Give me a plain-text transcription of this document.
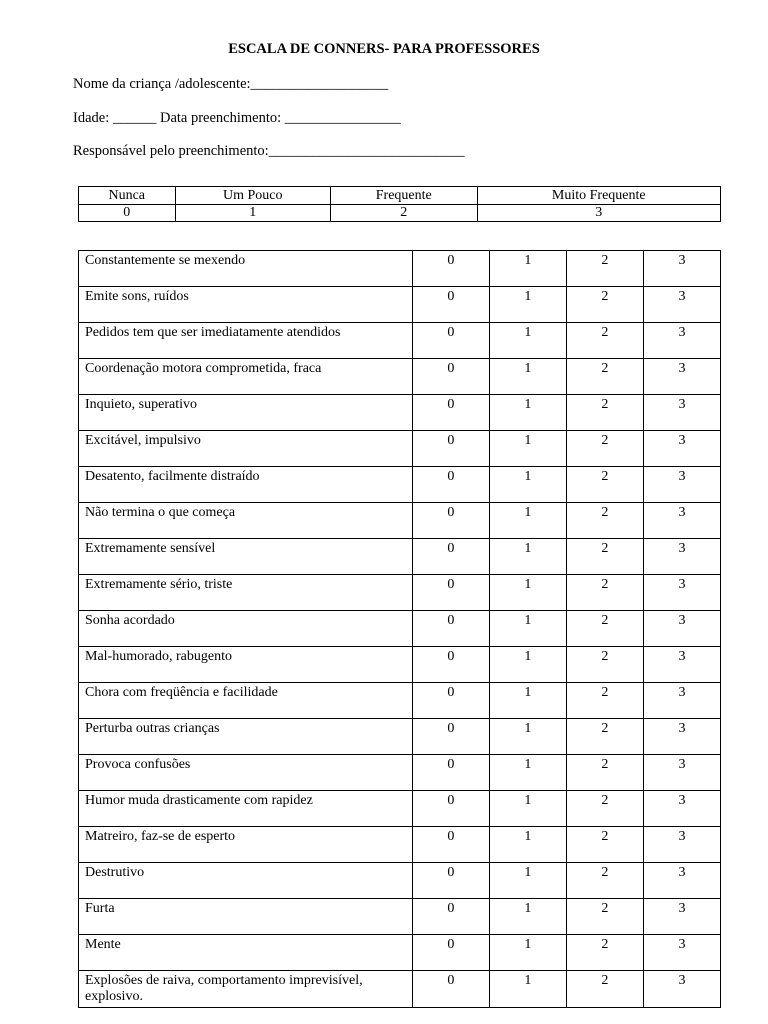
ESCALA DE CONNERS- PARA PROFESSORES
Nome da criança /adolescente:___________________
Idade: ______ Data preenchimento: ________________
Responsável pelo preenchimento:___________________________
Nunca	Um Pouco	Frequente	Muito Frequente
0	1	2	3
Constantemente se mexendo	0	1	2	3
Emite sons, ruídos	0	1	2	3
Pedidos tem que ser imediatamente atendidos	0	1	2	3
Coordenação motora comprometida, fraca	0	1	2	3
Inquieto, superativo	0	1	2	3
Excitável, impulsivo	0	1	2	3
Desatento, facilmente distraído	0	1	2	3
Não termina o que começa	0	1	2	3
Extremamente sensível	0	1	2	3
Extremamente sério, triste	0	1	2	3
Sonha acordado	0	1	2	3
Mal-humorado, rabugento	0	1	2	3
Chora com freqüência e facilidade	0	1	2	3
Perturba outras crianças	0	1	2	3
Provoca confusões	0	1	2	3
Humor muda drasticamente com rapidez	0	1	2	3
Matreiro, faz-se de esperto	0	1	2	3
Destrutivo	0	1	2	3
Furta	0	1	2	3
Mente	0	1	2	3
Explosões de raiva, comportamento imprevisível, explosivo.	0	1	2	3
